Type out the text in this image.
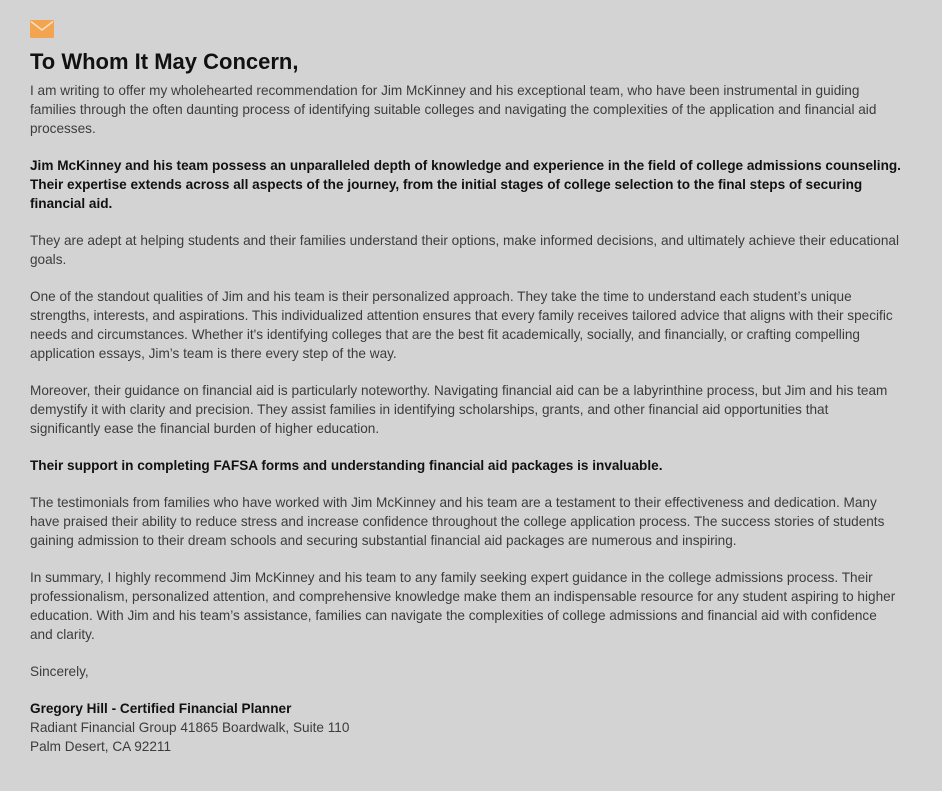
To Whom It May Concern,

I am writing to offer my wholehearted recommendation for Jim McKinney and his exceptional team, who have been instrumental in guiding families through the often daunting process of identifying suitable colleges and navigating the complexities of the application and financial aid processes.

Jim McKinney and his team possess an unparalleled depth of knowledge and experience in the field of college admissions counseling. Their expertise extends across all aspects of the journey, from the initial stages of college selection to the final steps of securing financial aid.

They are adept at helping students and their families understand their options, make informed decisions, and ultimately achieve their educational goals.

One of the standout qualities of Jim and his team is their personalized approach. They take the time to understand each student’s unique strengths, interests, and aspirations. This individualized attention ensures that every family receives tailored advice that aligns with their specific needs and circumstances. Whether it's identifying colleges that are the best fit academically, socially, and financially, or crafting compelling application essays, Jim’s team is there every step of the way.

Moreover, their guidance on financial aid is particularly noteworthy. Navigating financial aid can be a labyrinthine process, but Jim and his team demystify it with clarity and precision. They assist families in identifying scholarships, grants, and other financial aid opportunities that significantly ease the financial burden of higher education.

Their support in completing FAFSA forms and understanding financial aid packages is invaluable.

The testimonials from families who have worked with Jim McKinney and his team are a testament to their effectiveness and dedication. Many have praised their ability to reduce stress and increase confidence throughout the college application process. The success stories of students gaining admission to their dream schools and securing substantial financial aid packages are numerous and inspiring.

In summary, I highly recommend Jim McKinney and his team to any family seeking expert guidance in the college admissions process. Their professionalism, personalized attention, and comprehensive knowledge make them an indispensable resource for any student aspiring to higher education. With Jim and his team’s assistance, families can navigate the complexities of college admissions and financial aid with confidence and clarity.

Sincerely,

Gregory Hill - Certified Financial Planner
Radiant Financial Group 41865 Boardwalk, Suite 110
Palm Desert, CA 92211
